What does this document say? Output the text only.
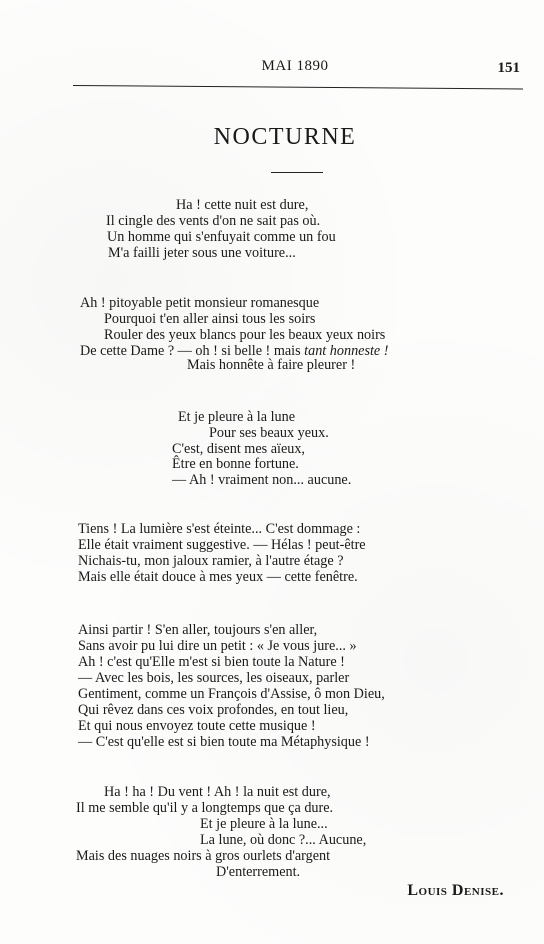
MAI 1890	151
NOCTURNE
Ha ! cette nuit est dure,
Il cingle des vents d'on ne sait pas où.
Un homme qui s'enfuyait comme un fou
M'a failli jeter sous une voiture...
Ah ! pitoyable petit monsieur romanesque
Pourquoi t'en aller ainsi tous les soirs
Rouler des yeux blancs pour les beaux yeux noirs
De cette Dame ? — oh ! si belle ! mais tant honneste !
Mais honnête à faire pleurer !
Et je pleure à la lune
Pour ses beaux yeux.
C'est, disent mes aïeux,
Être en bonne fortune.
— Ah ! vraiment non... aucune.
Tiens ! La lumière s'est éteinte... C'est dommage :
Elle était vraiment suggestive. — Hélas ! peut-être
Nichais-tu, mon jaloux ramier, à l'autre étage ?
Mais elle était douce à mes yeux — cette fenêtre.
Ainsi partir ! S'en aller, toujours s'en aller,
Sans avoir pu lui dire un petit : « Je vous jure... »
Ah ! c'est qu'Elle m'est si bien toute la Nature !
— Avec les bois, les sources, les oiseaux, parler
Gentiment, comme un François d'Assise, ô mon Dieu,
Qui rêvez dans ces voix profondes, en tout lieu,
Et qui nous envoyez toute cette musique !
— C'est qu'elle est si bien toute ma Métaphysique !
Ha ! ha ! Du vent ! Ah ! la nuit est dure,
Il me semble qu'il y a longtemps que ça dure.
Et je pleure à la lune...
La lune, où donc ?... Aucune,
Mais des nuages noirs à gros ourlets d'argent
D'enterrement.
Louis Denise.
